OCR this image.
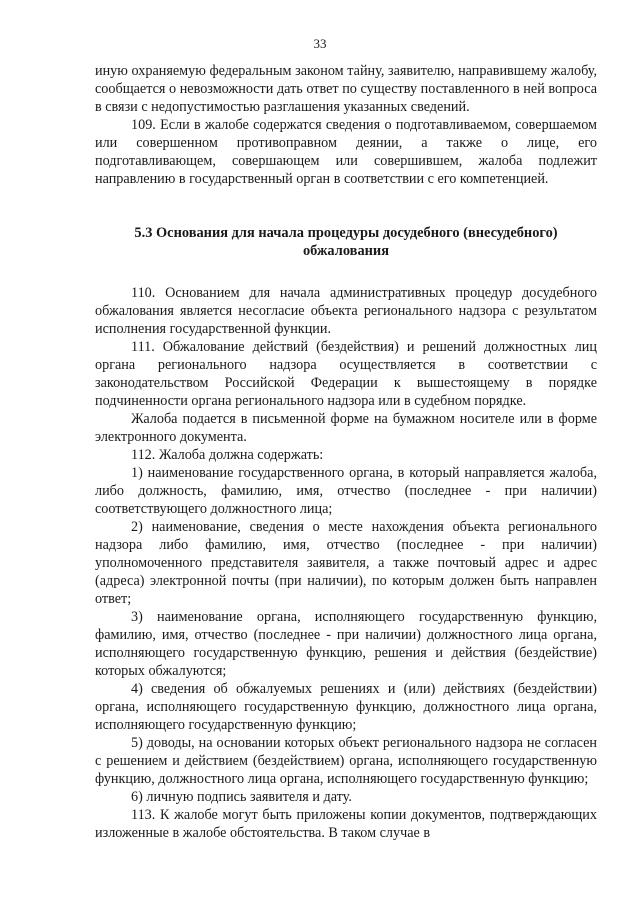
33

иную охраняемую федеральным законом тайну, заявителю, направившему жалобу, сообщается о невозможности дать ответ по существу поставленного в ней вопроса в связи с недопустимостью разглашения указанных сведений.

109. Если в жалобе содержатся сведения о подготавливаемом, совершаемом или совершенном противоправном деянии, а также о лице, его подготавливающем, совершающем или совершившем, жалоба подлежит направлению в государственный орган в соответствии с его компетенцией.

5.3 Основания для начала процедуры досудебного (внесудебного) обжалования

110. Основанием для начала административных процедур досудебного обжалования является несогласие объекта регионального надзора с результатом исполнения государственной функции.

111. Обжалование действий (бездействия) и решений должностных лиц органа регионального надзора осуществляется в соответствии с законодательством Российской Федерации к вышестоящему в порядке подчиненности органа регионального надзора или в судебном порядке.

Жалоба подается в письменной форме на бумажном носителе или в форме электронного документа.

112. Жалоба должна содержать:

1) наименование государственного органа, в который направляется жалоба, либо должность, фамилию, имя, отчество (последнее - при наличии) соответствующего должностного лица;

2) наименование, сведения о месте нахождения объекта регионального надзора либо фамилию, имя, отчество (последнее - при наличии) уполномоченного представителя заявителя, а также почтовый адрес и адрес (адреса) электронной почты (при наличии), по которым должен быть направлен ответ;

3) наименование органа, исполняющего государственную функцию, фамилию, имя, отчество (последнее - при наличии) должностного лица органа, исполняющего государственную функцию, решения и действия (бездействие) которых обжалуются;

4) сведения об обжалуемых решениях и (или) действиях (бездействии) органа, исполняющего государственную функцию, должностного лица органа, исполняющего государственную функцию;

5) доводы, на основании которых объект регионального надзора не согласен с решением и действием (бездействием) органа, исполняющего государственную функцию, должностного лица органа, исполняющего государственную функцию;

6) личную подпись заявителя и дату.

113. К жалобе могут быть приложены копии документов, подтверждающих изложенные в жалобе обстоятельства. В таком случае в
